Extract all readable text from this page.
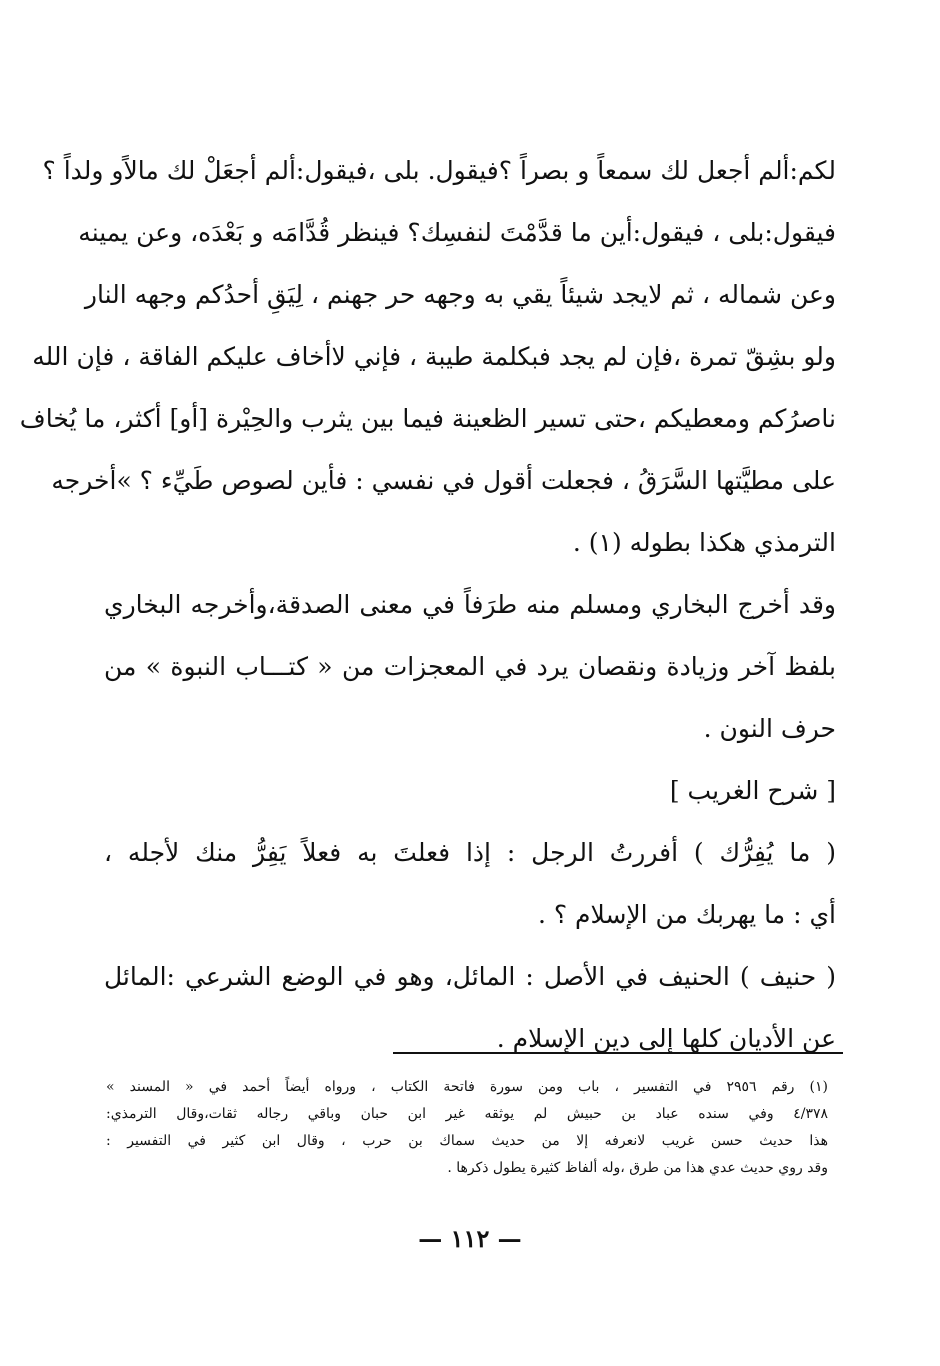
لكم:ألم أجعل لك سمعاً و بصراً ؟فيقول. بلى ،فيقول:ألم أجعَلْ لك مالاًو ولداً ؟
فيقول:بلى ، فيقول:أين ما قدَّمْتَ لنفسِك؟ فينظر قُدَّامَه و بَعْدَه، وعن يمينه
وعن شماله ، ثم لايجد شيئاً يقي به وجهه حر جهنم ، لِيَقِ أحدُكم وجهه النار
ولو بشِقّ تمرة ،فإن لم يجد فبكلمة طيبة ، فإني لاأخاف عليكم الفاقة ، فإن الله
ناصرُكم ومعطيكم ،حتى تسير الظعينة فيما بين يثرب والحِيْرة [أو] أكثر، ما يُخاف
على مطيَّتها السَّرَقُ ، فجعلت أقول في نفسي : فأين لصوص طَيِّء ؟ »أخرجه
الترمذي هكذا بطوله (١) .
وقد أخرج البخاري ومسلم منه طرَفاً في معنى الصدقة،وأخرجه البخاري
بلفظ آخر وزيادة ونقصان يرد في المعجزات من « كتـــاب النبوة » من
حرف النون .
[ شرح الغريب ]
( ما يُفِرُّك ) أفررتُ الرجل : إذا فعلتَ به فعلاً يَفِرُّ منك لأجله ،
أي : ما يهربك من الإسلام ؟ .
( حنيف ) الحنيف في الأصل : المائل، وهو في الوضع الشرعي :المائل
عن الأديان كلها إلى دين الإسلام .
(١) رقم ٢٩٥٦ في التفسير ، باب ومن سورة فاتحة الكتاب ، ورواه أيضاً أحمد في « المسند »
٤/٣٧٨ وفي سنده عباد بن حبيش لم يوثقه غير ابن حبان وباقي رجاله ثقات،وقال الترمذي:
هذا حديث حسن غريب لانعرفه إلا من حديث سماك بن حرب ، وقال ابن كثير في التفسير :
وقد روي حديث عدي هذا من طرق ،وله ألفاظ كثيرة يطول ذكرها .
— ١١٢ —
